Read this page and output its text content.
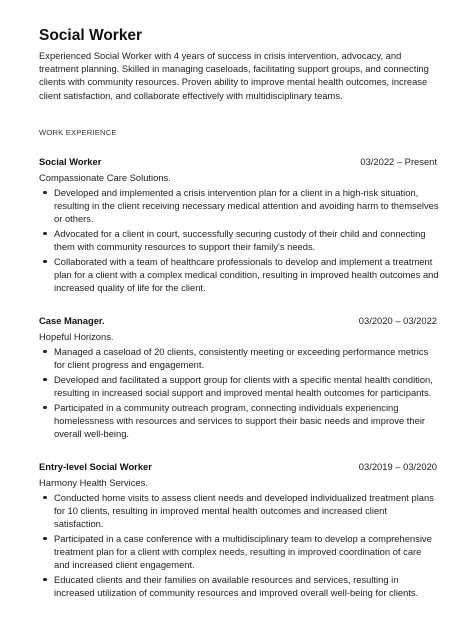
Social Worker

Experienced Social Worker with 4 years of success in crisis intervention, advocacy, and treatment planning. Skilled in managing caseloads, facilitating support groups, and connecting clients with community resources. Proven ability to improve mental health outcomes, increase client satisfaction, and collaborate effectively with multidisciplinary teams.

WORK EXPERIENCE
Social Worker	03/2022 – Present
Compassionate Care Solutions.
Developed and implemented a crisis intervention plan for a client in a high-risk situation, resulting in the client receiving necessary medical attention and avoiding harm to themselves or others.
Advocated for a client in court, successfully securing custody of their child and connecting them with community resources to support their family's needs.
Collaborated with a team of healthcare professionals to develop and implement a treatment plan for a client with a complex medical condition, resulting in improved health outcomes and increased quality of life for the client.
Case Manager.	03/2020 – 03/2022
Hopeful Horizons.
Managed a caseload of 20 clients, consistently meeting or exceeding performance metrics for client progress and engagement.
Developed and facilitated a support group for clients with a specific mental health condition, resulting in increased social support and improved mental health outcomes for participants.
Participated in a community outreach program, connecting individuals experiencing homelessness with resources and services to support their basic needs and improve their overall well-being.
Entry-level Social Worker	03/2019 – 03/2020
Harmony Health Services.
Conducted home visits to assess client needs and developed individualized treatment plans for 10 clients, resulting in improved mental health outcomes and increased client satisfaction.
Participated in a case conference with a multidisciplinary team to develop a comprehensive treatment plan for a client with complex needs, resulting in improved coordination of care and increased client engagement.
Educated clients and their families on available resources and services, resulting in increased utilization of community resources and improved overall well-being for clients.
